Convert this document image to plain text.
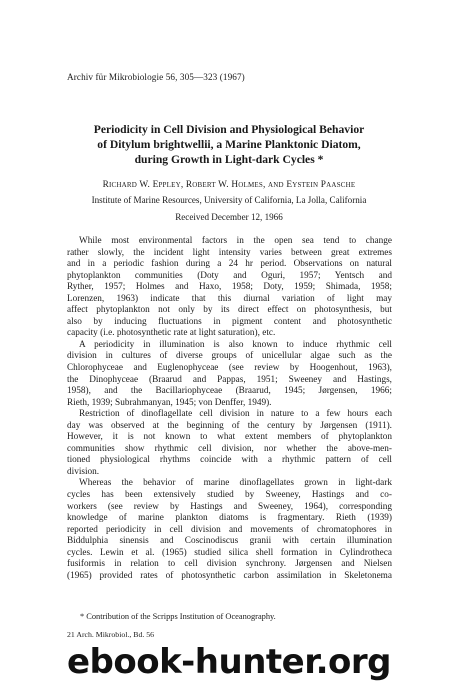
Archiv für Mikrobiologie 56, 305—323 (1967)
Periodicity in Cell Division and Physiological Behavior
of Ditylum brightwellii, a Marine Planktonic Diatom,
during Growth in Light-dark Cycles *
Richard W. Eppley, Robert W. Holmes, and Eystein Paasche
Institute of Marine Resources, University of California, La Jolla, California
Received December 12, 1966
While most environmental factors in the open sea tend to change
rather slowly, the incident light intensity varies between great extremes
and in a periodic fashion during a 24 hr period. Observations on natural
phytoplankton communities (Doty and Oguri, 1957; Yentsch and
Ryther, 1957; Holmes and Haxo, 1958; Doty, 1959; Shimada, 1958;
Lorenzen, 1963) indicate that this diurnal variation of light may
affect phytoplankton not only by its direct effect on photosynthesis, but
also by inducing fluctuations in pigment content and photosynthetic
capacity (i.e. photosynthetic rate at light saturation), etc.
A periodicity in illumination is also known to induce rhythmic cell
division in cultures of diverse groups of unicellular algae such as the
Chlorophyceae and Euglenophyceae (see review by Hoogenhout, 1963),
the Dinophyceae (Braarud and Pappas, 1951; Sweeney and Hastings,
1958), and the Bacillariophyceae (Braarud, 1945; Jørgensen, 1966;
Rieth, 1939; Subrahmanyan, 1945; von Denffer, 1949).
Restriction of dinoflagellate cell division in nature to a few hours each
day was observed at the beginning of the century by Jørgensen (1911).
However, it is not known to what extent members of phytoplankton
communities show rhythmic cell division, nor whether the above-men-
tioned physiological rhythms coincide with a rhythmic pattern of cell
division.
Whereas the behavior of marine dinoflagellates grown in light-dark
cycles has been extensively studied by Sweeney, Hastings and co-
workers (see review by Hastings and Sweeney, 1964), corresponding
knowledge of marine plankton diatoms is fragmentary. Rieth (1939)
reported periodicity in cell division and movements of chromatophores in
Biddulphia sinensis and Coscinodiscus granii with certain illumination
cycles. Lewin et al. (1965) studied silica shell formation in Cylindrotheca
fusiformis in relation to cell division synchrony. Jørgensen and Nielsen
(1965) provided rates of photosynthetic carbon assimilation in Skeletonema
* Contribution of the Scripps Institution of Oceanography.
21 Arch. Mikrobiol., Bd. 56
ebook-hunter.org
